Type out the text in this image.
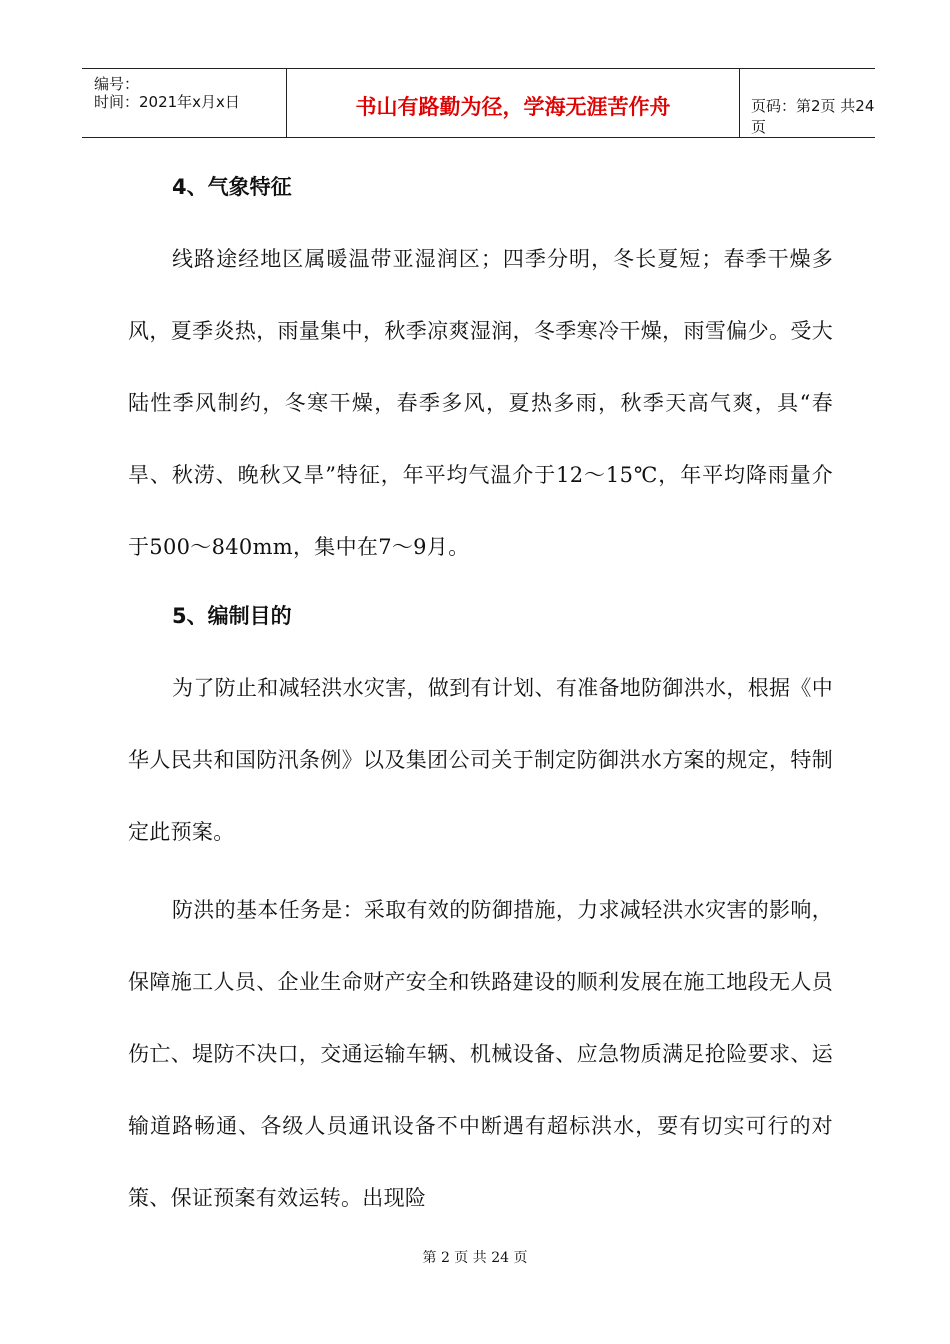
编号：
时间：2021年x月x日	书山有路勤为径，学海无涯苦作舟	页码：第2页 共24页
4、气象特征

线路途经地区属暖温带亚湿润区；四季分明，冬长夏短；春季干燥多风，夏季炎热，雨量集中，秋季凉爽湿润，冬季寒冷干燥，雨雪偏少。受大陆性季风制约，冬寒干燥，春季多风，夏热多雨，秋季天高气爽，具“春旱、秋涝、晚秋又旱”特征，年平均气温介于12～15℃，年平均降雨量介于500～840mm，集中在7～9月。

5、编制目的

为了防止和减轻洪水灾害，做到有计划、有准备地防御洪水，根据《中华人民共和国防汛条例》以及集团公司关于制定防御洪水方案的规定，特制定此预案。

防洪的基本任务是：采取有效的防御措施，力求减轻洪水灾害的影响，保障施工人员、企业生命财产安全和铁路建设的顺利发展在施工地段无人员伤亡、堤防不决口，交通运输车辆、机械设备、应急物质满足抢险要求、运输道路畅通、各级人员通讯设备不中断遇有超标洪水，要有切实可行的对策、保证预案有效运转。出现险

第 2 页 共 24 页
